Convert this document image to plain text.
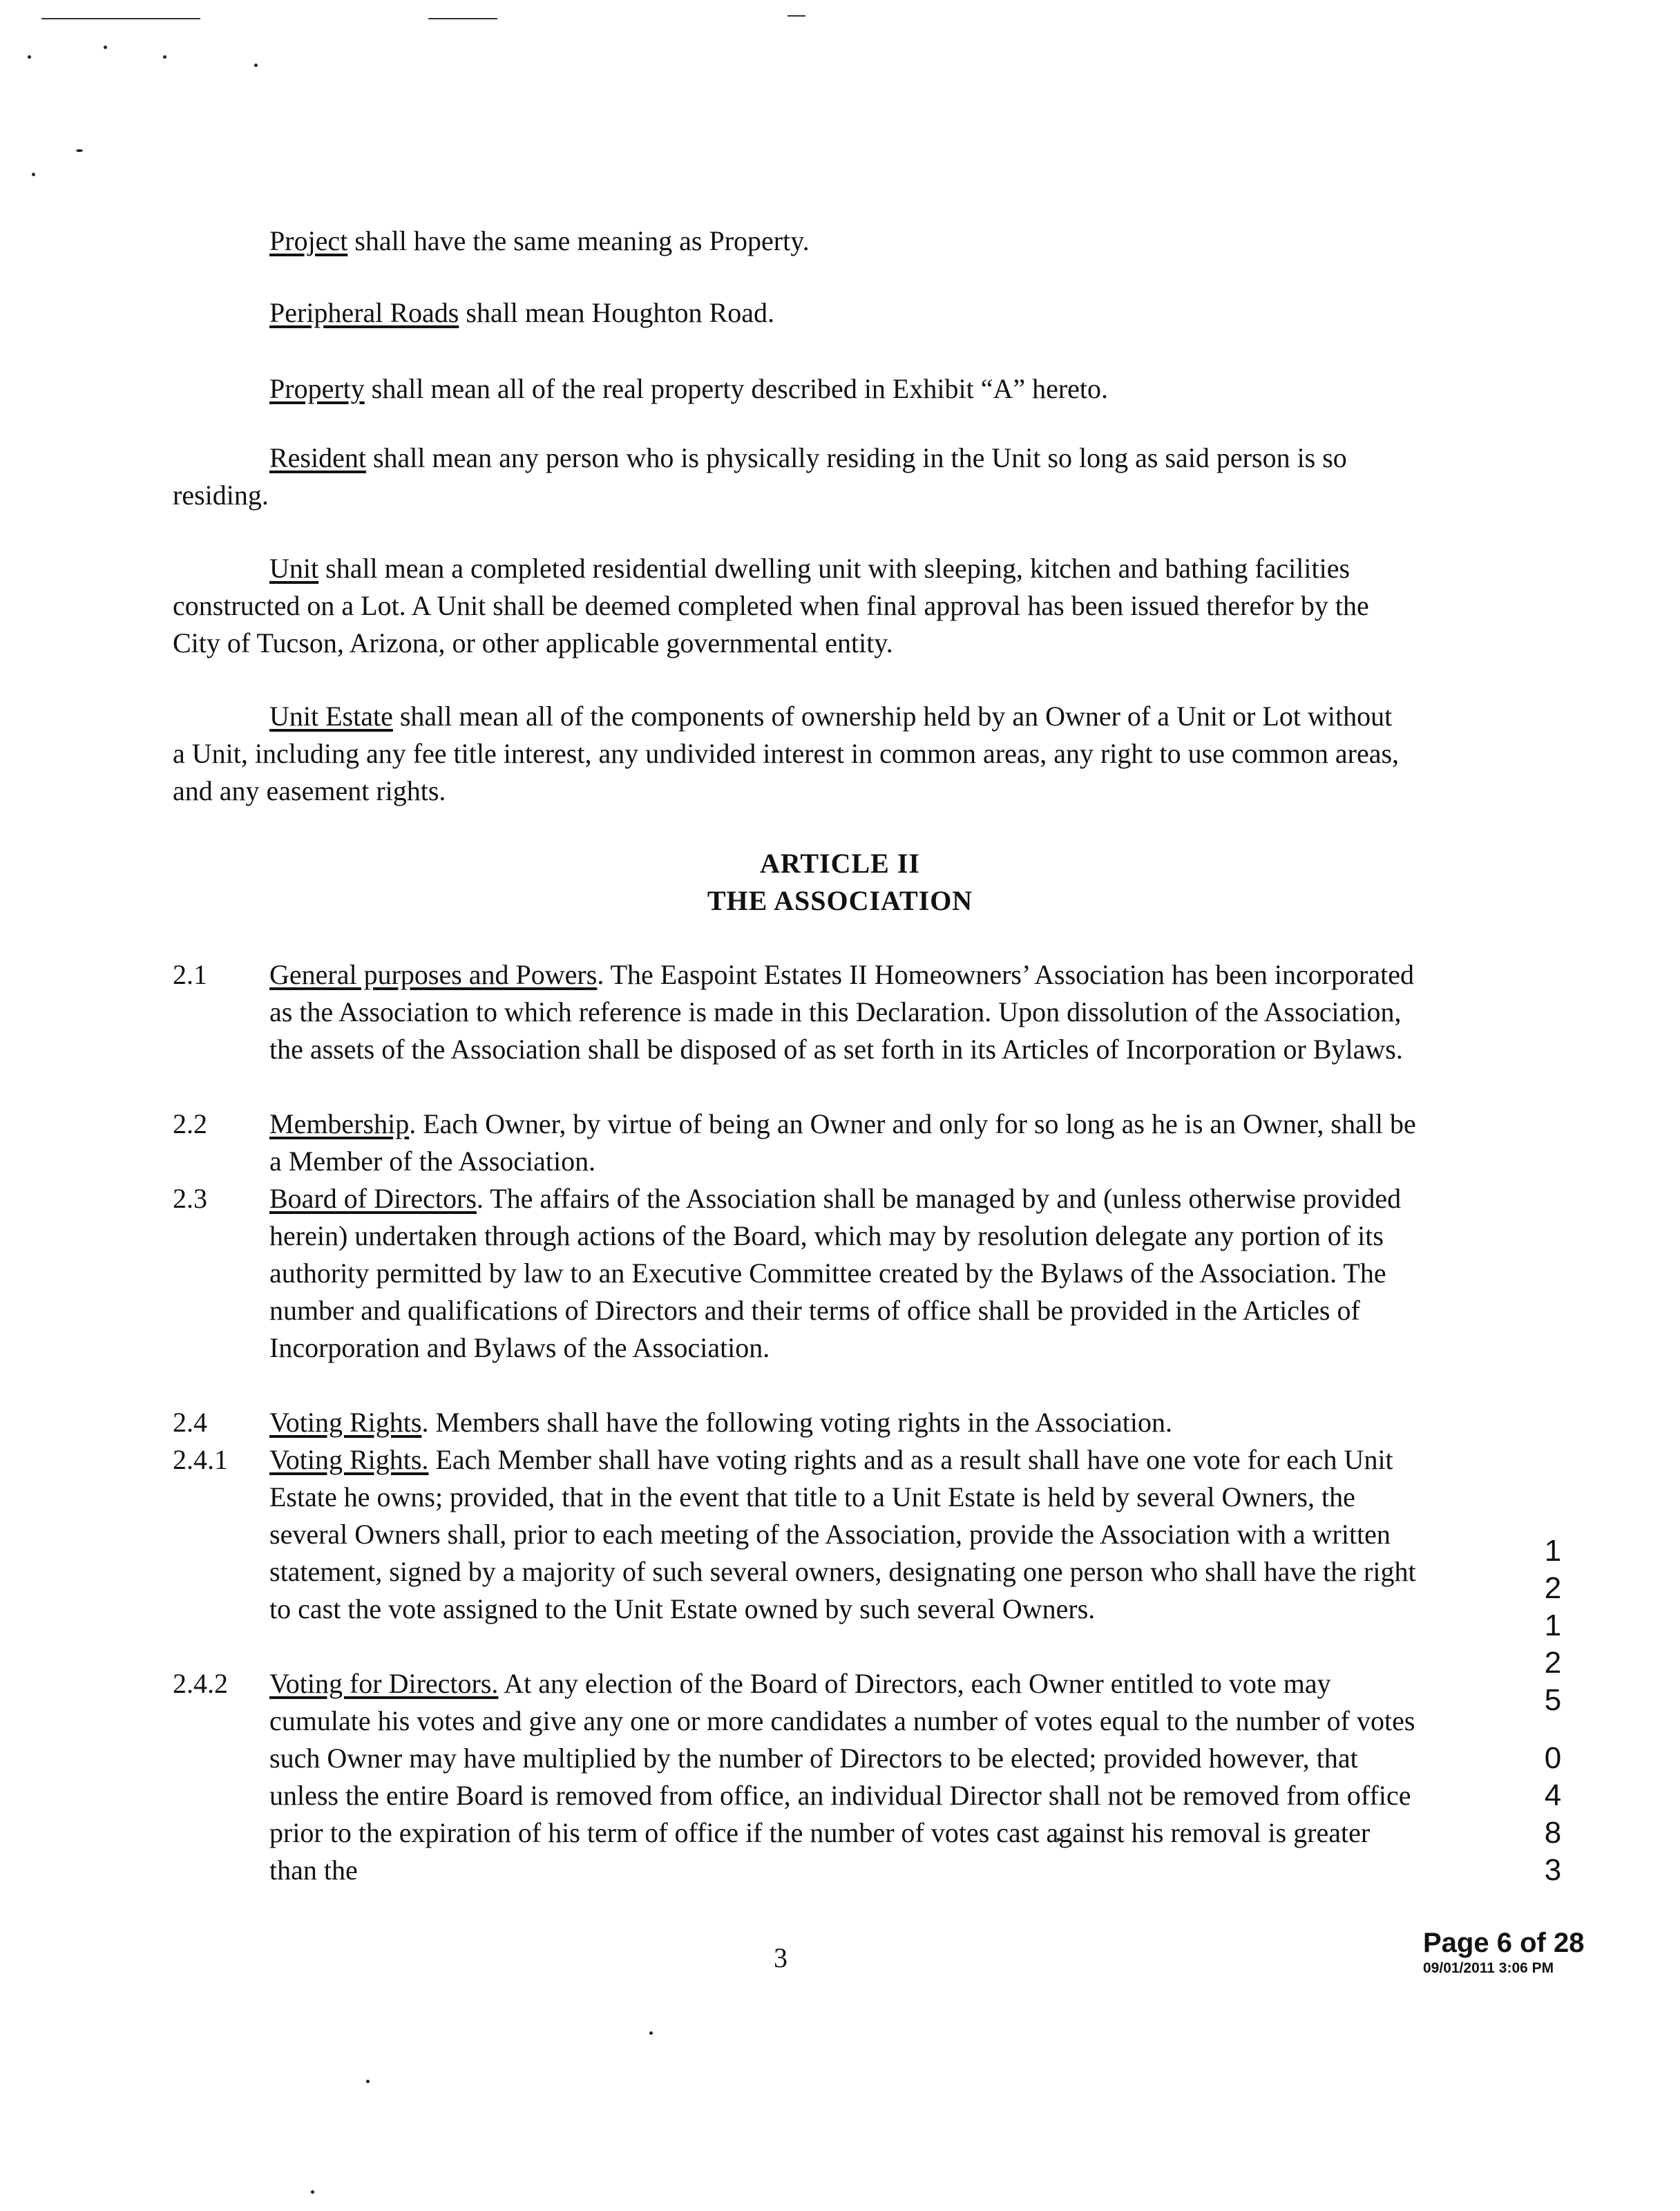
Project shall have the same meaning as Property.
Peripheral Roads shall mean Houghton Road.
Property shall mean all of the real property described in Exhibit “A” hereto.
Resident shall mean any person who is physically residing in the Unit so long as said person is so residing.
Unit shall mean a completed residential dwelling unit with sleeping, kitchen and bathing facilities constructed on a Lot. A Unit shall be deemed completed when final approval has been issued therefor by the City of Tucson, Arizona, or other applicable governmental entity.
Unit Estate shall mean all of the components of ownership held by an Owner of a Unit or Lot without a Unit, including any fee title interest, any undivided interest in common areas, any right to use common areas, and any easement rights.
ARTICLE II
THE ASSOCIATION
2.1	General purposes and Powers. The Easpoint Estates II Homeowners’ Association has been incorporated as the Association to which reference is made in this Declaration. Upon dissolution of the Association, the assets of the Association shall be disposed of as set forth in its Articles of Incorporation or Bylaws.
2.2	Membership. Each Owner, by virtue of being an Owner and only for so long as he is an Owner, shall be a Member of the Association.
2.3	Board of Directors. The affairs of the Association shall be managed by and (unless otherwise provided herein) undertaken through actions of the Board, which may by resolution delegate any portion of its authority permitted by law to an Executive Committee created by the Bylaws of the Association. The number and qualifications of Directors and their terms of office shall be provided in the Articles of Incorporation and Bylaws of the Association.
2.4	Voting Rights. Members shall have the following voting rights in the Association.
2.4.1	Voting Rights. Each Member shall have voting rights and as a result shall have one vote for each Unit Estate he owns; provided, that in the event that title to a Unit Estate is held by several Owners, the several Owners shall, prior to each meeting of the Association, provide the Association with a written statement, signed by a majority of such several owners, designating one person who shall have the right to cast the vote assigned to the Unit Estate owned by such several Owners.
2.4.2	Voting for Directors. At any election of the Board of Directors, each Owner entitled to vote may cumulate his votes and give any one or more candidates a number of votes equal to the number of votes such Owner may have multiplied by the number of Directors to be elected; provided however, that unless the entire Board is removed from office, an individual Director shall not be removed from office prior to the expiration of his term of office if the number of votes cast against his removal is greater than the
1
2
1
2
5
0
4
8
3
3	Page 6 of 28
09/01/2011 3:06 PM
